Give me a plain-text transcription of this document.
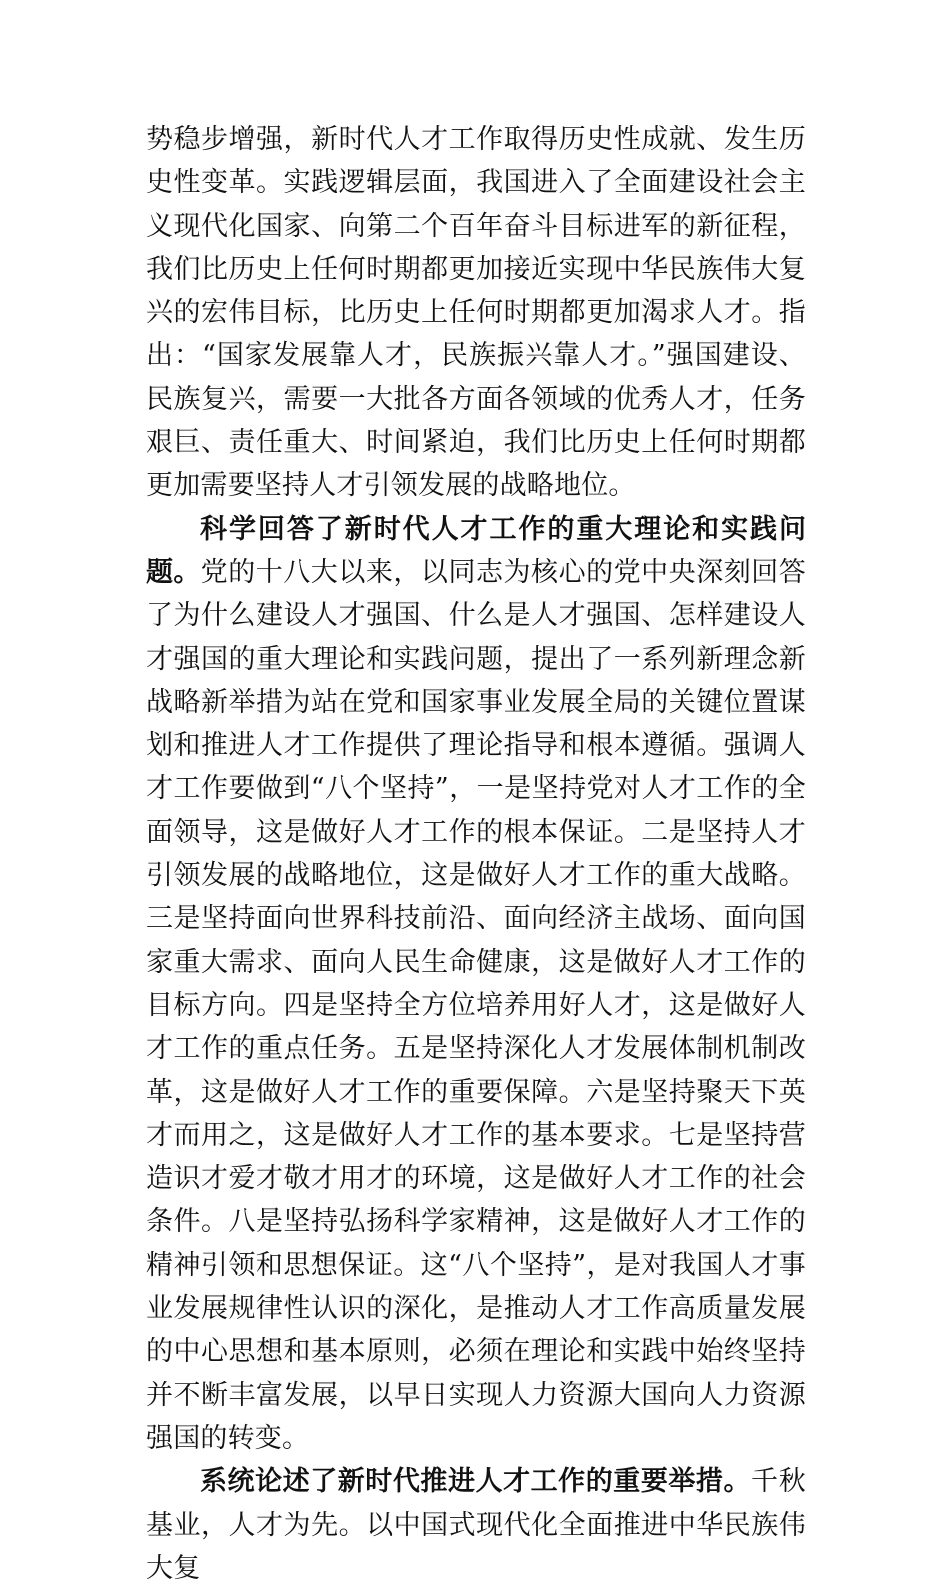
势稳步增强，新时代人才工作取得历史性成就、发生历史性变革。实践逻辑层面，我国进入了全面建设社会主义现代化国家、向第二个百年奋斗目标进军的新征程，我们比历史上任何时期都更加接近实现中华民族伟大复兴的宏伟目标，比历史上任何时期都更加渴求人才。指出：“国家发展靠人才，民族振兴靠人才。”强国建设、民族复兴，需要一大批各方面各领域的优秀人才，任务艰巨、责任重大、时间紧迫，我们比历史上任何时期都更加需要坚持人才引领发展的战略地位。

科学回答了新时代人才工作的重大理论和实践问题。党的十八大以来，以同志为核心的党中央深刻回答了为什么建设人才强国、什么是人才强国、怎样建设人才强国的重大理论和实践问题，提出了一系列新理念新战略新举措为站在党和国家事业发展全局的关键位置谋划和推进人才工作提供了理论指导和根本遵循。强调人才工作要做到“八个坚持”，一是坚持党对人才工作的全面领导，这是做好人才工作的根本保证。二是坚持人才引领发展的战略地位，这是做好人才工作的重大战略。三是坚持面向世界科技前沿、面向经济主战场、面向国家重大需求、面向人民生命健康，这是做好人才工作的目标方向。四是坚持全方位培养用好人才，这是做好人才工作的重点任务。五是坚持深化人才发展体制机制改革，这是做好人才工作的重要保障。六是坚持聚天下英才而用之，这是做好人才工作的基本要求。七是坚持营造识才爱才敬才用才的环境，这是做好人才工作的社会条件。八是坚持弘扬科学家精神，这是做好人才工作的精神引领和思想保证。这“八个坚持”，是对我国人才事业发展规律性认识的深化，是推动人才工作高质量发展的中心思想和基本原则，必须在理论和实践中始终坚持并不断丰富发展，以早日实现人力资源大国向人力资源强国的转变。

系统论述了新时代推进人才工作的重要举措。千秋基业，人才为先。以中国式现代化全面推进中华民族伟大复
